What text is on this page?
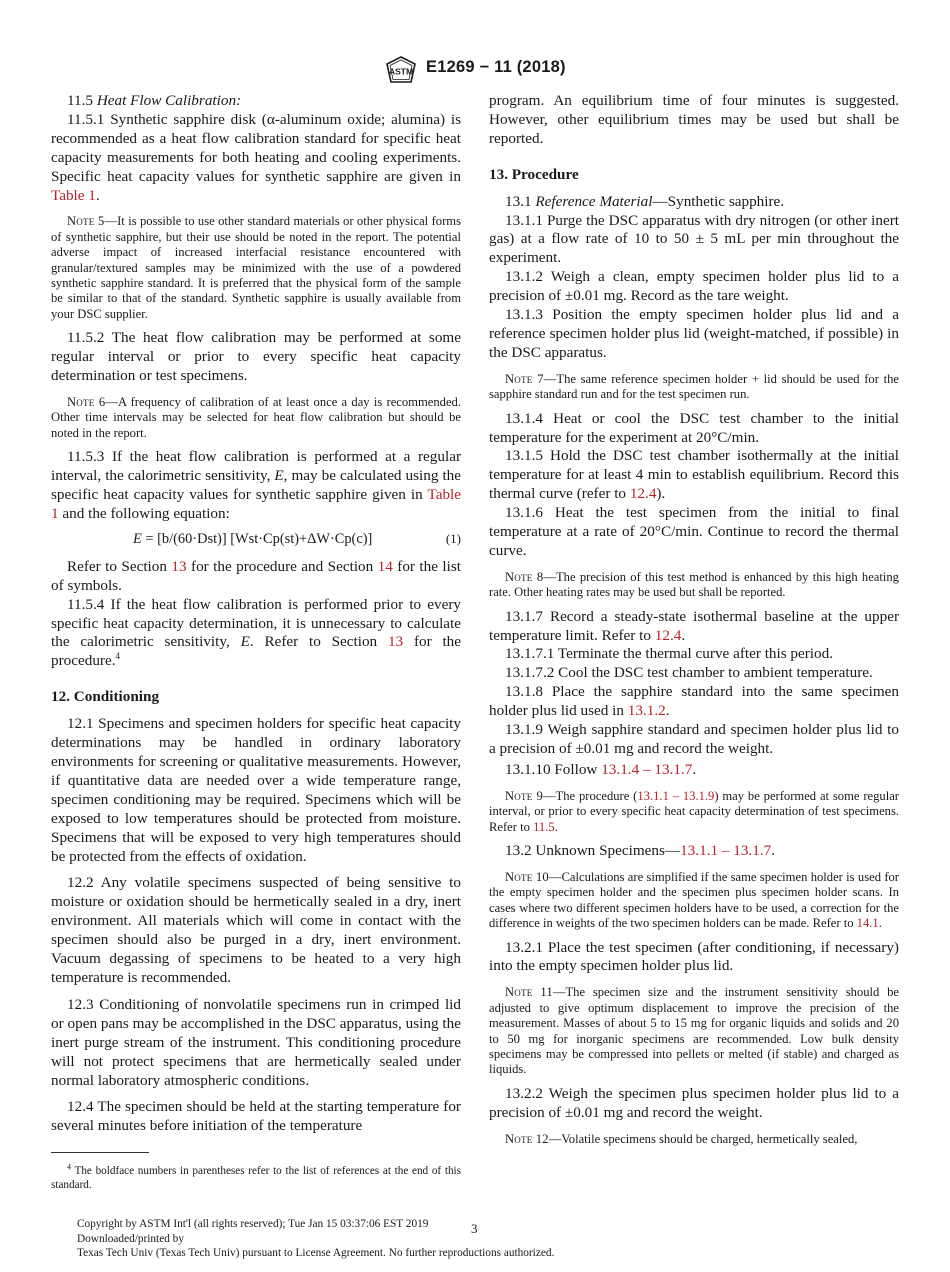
ASTM E1269 − 11 (2018)

11.5 Heat Flow Calibration:

11.5.1 Synthetic sapphire disk (α-aluminum oxide; alumina) is recommended as a heat flow calibration standard for specific heat capacity measurements for both heating and cooling experiments. Specific heat capacity values for synthetic sapphire are given in Table 1.

Note 5—It is possible to use other standard materials or other physical forms of synthetic sapphire, but their use should be noted in the report. The potential adverse impact of increased interfacial resistance encountered with granular/textured samples may be minimized with the use of a powdered synthetic sapphire standard. It is preferred that the physical form of the sample be similar to that of the standard. Synthetic sapphire is usually available from your DSC supplier.

11.5.2 The heat flow calibration may be performed at some regular interval or prior to every specific heat capacity determination or test specimens.

Note 6—A frequency of calibration of at least once a day is recommended. Other time intervals may be selected for heat flow calibration but should be noted in the report.

11.5.3 If the heat flow calibration is performed at a regular interval, the calorimetric sensitivity, E, may be calculated using the specific heat capacity values for synthetic sapphire given in Table 1 and the following equation:

E = [b/(60·Dst)] [Wst·Cp(st)+ΔW·Cp(c)]	(1)

Refer to Section 13 for the procedure and Section 14 for the list of symbols.

11.5.4 If the heat flow calibration is performed prior to every specific heat capacity determination, it is unnecessary to calculate the calorimetric sensitivity, E. Refer to Section 13 for the procedure.$^4$

12. Conditioning

12.1 Specimens and specimen holders for specific heat capacity determinations may be handled in ordinary laboratory environments for screening or qualitative measurements. However, if quantitative data are needed over a wide temperature range, specimen conditioning may be required. Specimens which will be exposed to low temperatures should be protected from moisture. Specimens that will be exposed to very high temperatures should be protected from the effects of oxidation.

12.2 Any volatile specimens suspected of being sensitive to moisture or oxidation should be hermetically sealed in a dry, inert environment. All materials which will come in contact with the specimen should also be purged in a dry, inert environment. Vacuum degassing of specimens to be heated to a very high temperature is recommended.

12.3 Conditioning of nonvolatile specimens run in crimped lid or open pans may be accomplished in the DSC apparatus, using the inert purge stream of the instrument. This conditioning procedure will not protect specimens that are hermetically sealed under normal laboratory atmospheric conditions.

12.4 The specimen should be held at the starting temperature for several minutes before initiation of the temperature

program. An equilibrium time of four minutes is suggested. However, other equilibrium times may be used but shall be reported.

13. Procedure

13.1 Reference Material—Synthetic sapphire.

13.1.1 Purge the DSC apparatus with dry nitrogen (or other inert gas) at a flow rate of 10 to 50 ± 5 mL per min throughout the experiment.

13.1.2 Weigh a clean, empty specimen holder plus lid to a precision of ±0.01 mg. Record as the tare weight.

13.1.3 Position the empty specimen holder plus lid and a reference specimen holder plus lid (weight-matched, if possible) in the DSC apparatus.

Note 7—The same reference specimen holder + lid should be used for the sapphire standard run and for the test specimen run.

13.1.4 Heat or cool the DSC test chamber to the initial temperature for the experiment at 20°C/min.

13.1.5 Hold the DSC test chamber isothermally at the initial temperature for at least 4 min to establish equilibrium. Record this thermal curve (refer to 12.4).

13.1.6 Heat the test specimen from the initial to final temperature at a rate of 20°C/min. Continue to record the thermal curve.

Note 8—The precision of this test method is enhanced by this high heating rate. Other heating rates may be used but shall be reported.

13.1.7 Record a steady-state isothermal baseline at the upper temperature limit. Refer to 12.4.

13.1.7.1 Terminate the thermal curve after this period.

13.1.7.2 Cool the DSC test chamber to ambient temperature.

13.1.8 Place the sapphire standard into the same specimen holder plus lid used in 13.1.2.

13.1.9 Weigh sapphire standard and specimen holder plus lid to a precision of ±0.01 mg and record the weight.

13.1.10 Follow 13.1.4 – 13.1.7.

Note 9—The procedure (13.1.1 – 13.1.9) may be performed at some regular interval, or prior to every specific heat capacity determination of test specimens. Refer to 11.5.

13.2 Unknown Specimens—13.1.1 – 13.1.7.

Note 10—Calculations are simplified if the same specimen holder is used for the empty specimen holder and the specimen plus specimen holder scans. In cases where two different specimen holders have to be used, a correction for the difference in weights of the two specimen holders can be made. Refer to 14.1.

13.2.1 Place the test specimen (after conditioning, if necessary) into the empty specimen holder plus lid.

Note 11—The specimen size and the instrument sensitivity should be adjusted to give optimum displacement to improve the precision of the measurement. Masses of about 5 to 15 mg for organic liquids and solids and 20 to 50 mg for inorganic specimens are recommended. Low bulk density specimens may be compressed into pellets or melted (if stable) and charged as liquids.

13.2.2 Weigh the specimen plus specimen holder plus lid to a precision of ±0.01 mg and record the weight.

Note 12—Volatile specimens should be charged, hermetically sealed,

$^4$ The boldface numbers in parentheses refer to the list of references at the end of this standard.
Copyright by ASTM Int'l (all rights reserved); Tue Jan 15 03:37:06 EST 2019
Downloaded/printed by
Texas Tech Univ (Texas Tech Univ) pursuant to License Agreement. No further reproductions authorized.
3
